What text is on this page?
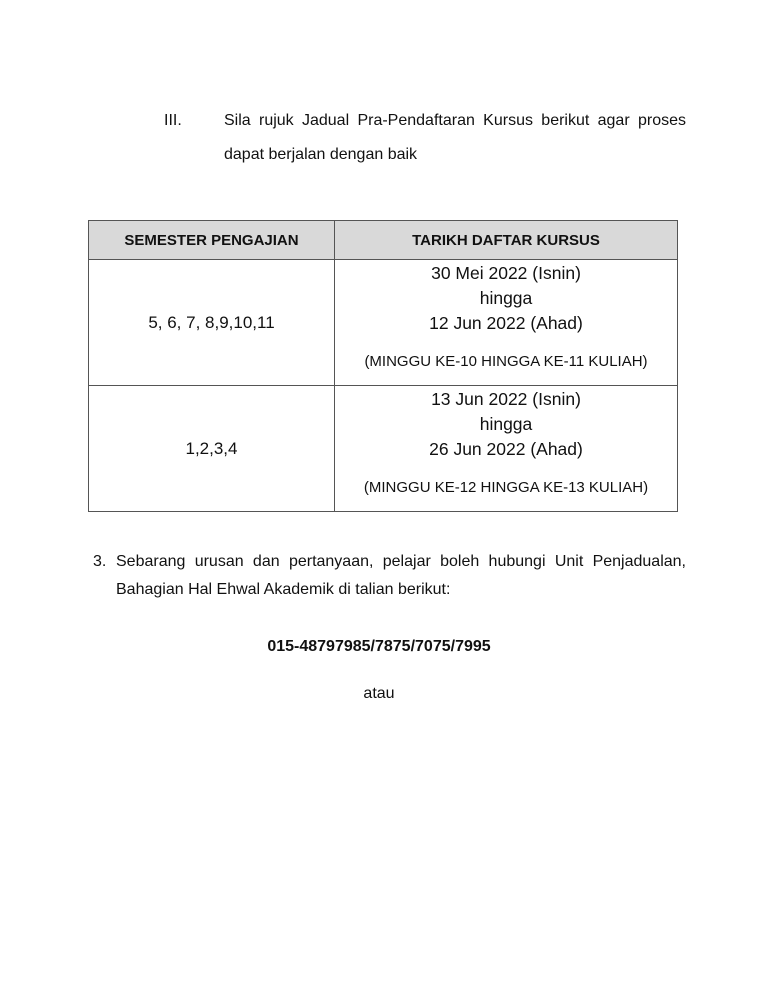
III.	Sila rujuk Jadual Pra-Pendaftaran Kursus berikut agar proses
dapat berjalan dengan baik
SEMESTER PENGAJIAN	TARIKH DAFTAR KURSUS
5, 6, 7, 8,9,10,11	30 Mei 2022 (Isnin)
hingga
12 Jun 2022 (Ahad)
(MINGGU KE-10 HINGGA KE-11 KULIAH)

1,2,3,4	13 Jun 2022 (Isnin)
hingga
26 Jun 2022 (Ahad)
(MINGGU KE-12 HINGGA KE-13 KULIAH)
3. Sebarang urusan dan pertanyaan, pelajar boleh hubungi Unit Penjadualan,
Bahagian Hal Ehwal Akademik di talian berikut:
015-48797985/7875/7075/7995
atau
